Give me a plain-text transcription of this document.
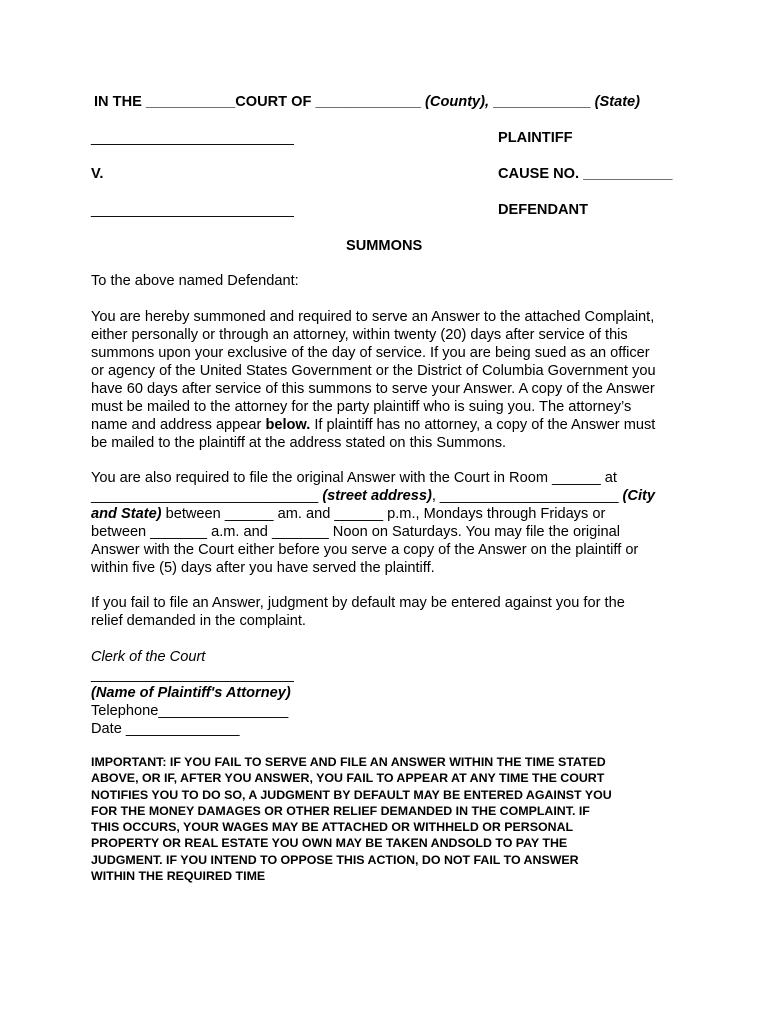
IN THE ___________COURT OF _____________ (County), ____________ (State)
_________________________	PLAINTIFF
V.	CAUSE NO. ___________
_________________________	DEFENDANT
SUMMONS
To the above named Defendant:
You are hereby summoned and required to serve an Answer to the attached Complaint,
either personally or through an attorney, within twenty (20) days after service of this
summons upon your exclusive of the day of service. If you are being sued as an officer
or agency of the United States Government or the District of Columbia Government you
have 60 days after service of this summons to serve your Answer. A copy of the Answer
must be mailed to the attorney for the party plaintiff who is suing you. The attorney’s
name and address appear below. If plaintiff has no attorney, a copy of the Answer must
be mailed to the plaintiff at the address stated on this Summons.
You are also required to file the original Answer with the Court in Room ______ at
____________________________ (street address), ______________________ (City
and State) between ______ am. and ______ p.m., Mondays through Fridays or
between _______ a.m. and _______ Noon on Saturdays. You may file the original
Answer with the Court either before you serve a copy of the Answer on the plaintiff or
within five (5) days after you have served the plaintiff.
If you fail to file an Answer, judgment by default may be entered against you for the
relief demanded in the complaint.
Clerk of the Court
_________________________
(Name of Plaintiff's Attorney)
Telephone________________
Date ______________
IMPORTANT: IF YOU FAIL TO SERVE AND FILE AN ANSWER WITHIN THE TIME STATED
ABOVE, OR IF, AFTER YOU ANSWER, YOU FAIL TO APPEAR AT ANY TIME THE COURT
NOTIFIES YOU TO DO SO, A JUDGMENT BY DEFAULT MAY BE ENTERED AGAINST YOU
FOR THE MONEY DAMAGES OR OTHER RELIEF DEMANDED IN THE COMPLAINT. IF
THIS OCCURS, YOUR WAGES MAY BE ATTACHED OR WITHHELD OR PERSONAL
PROPERTY OR REAL ESTATE YOU OWN MAY BE TAKEN ANDSOLD TO PAY THE
JUDGMENT. IF YOU INTEND TO OPPOSE THIS ACTION, DO NOT FAIL TO ANSWER
WITHIN THE REQUIRED TIME
